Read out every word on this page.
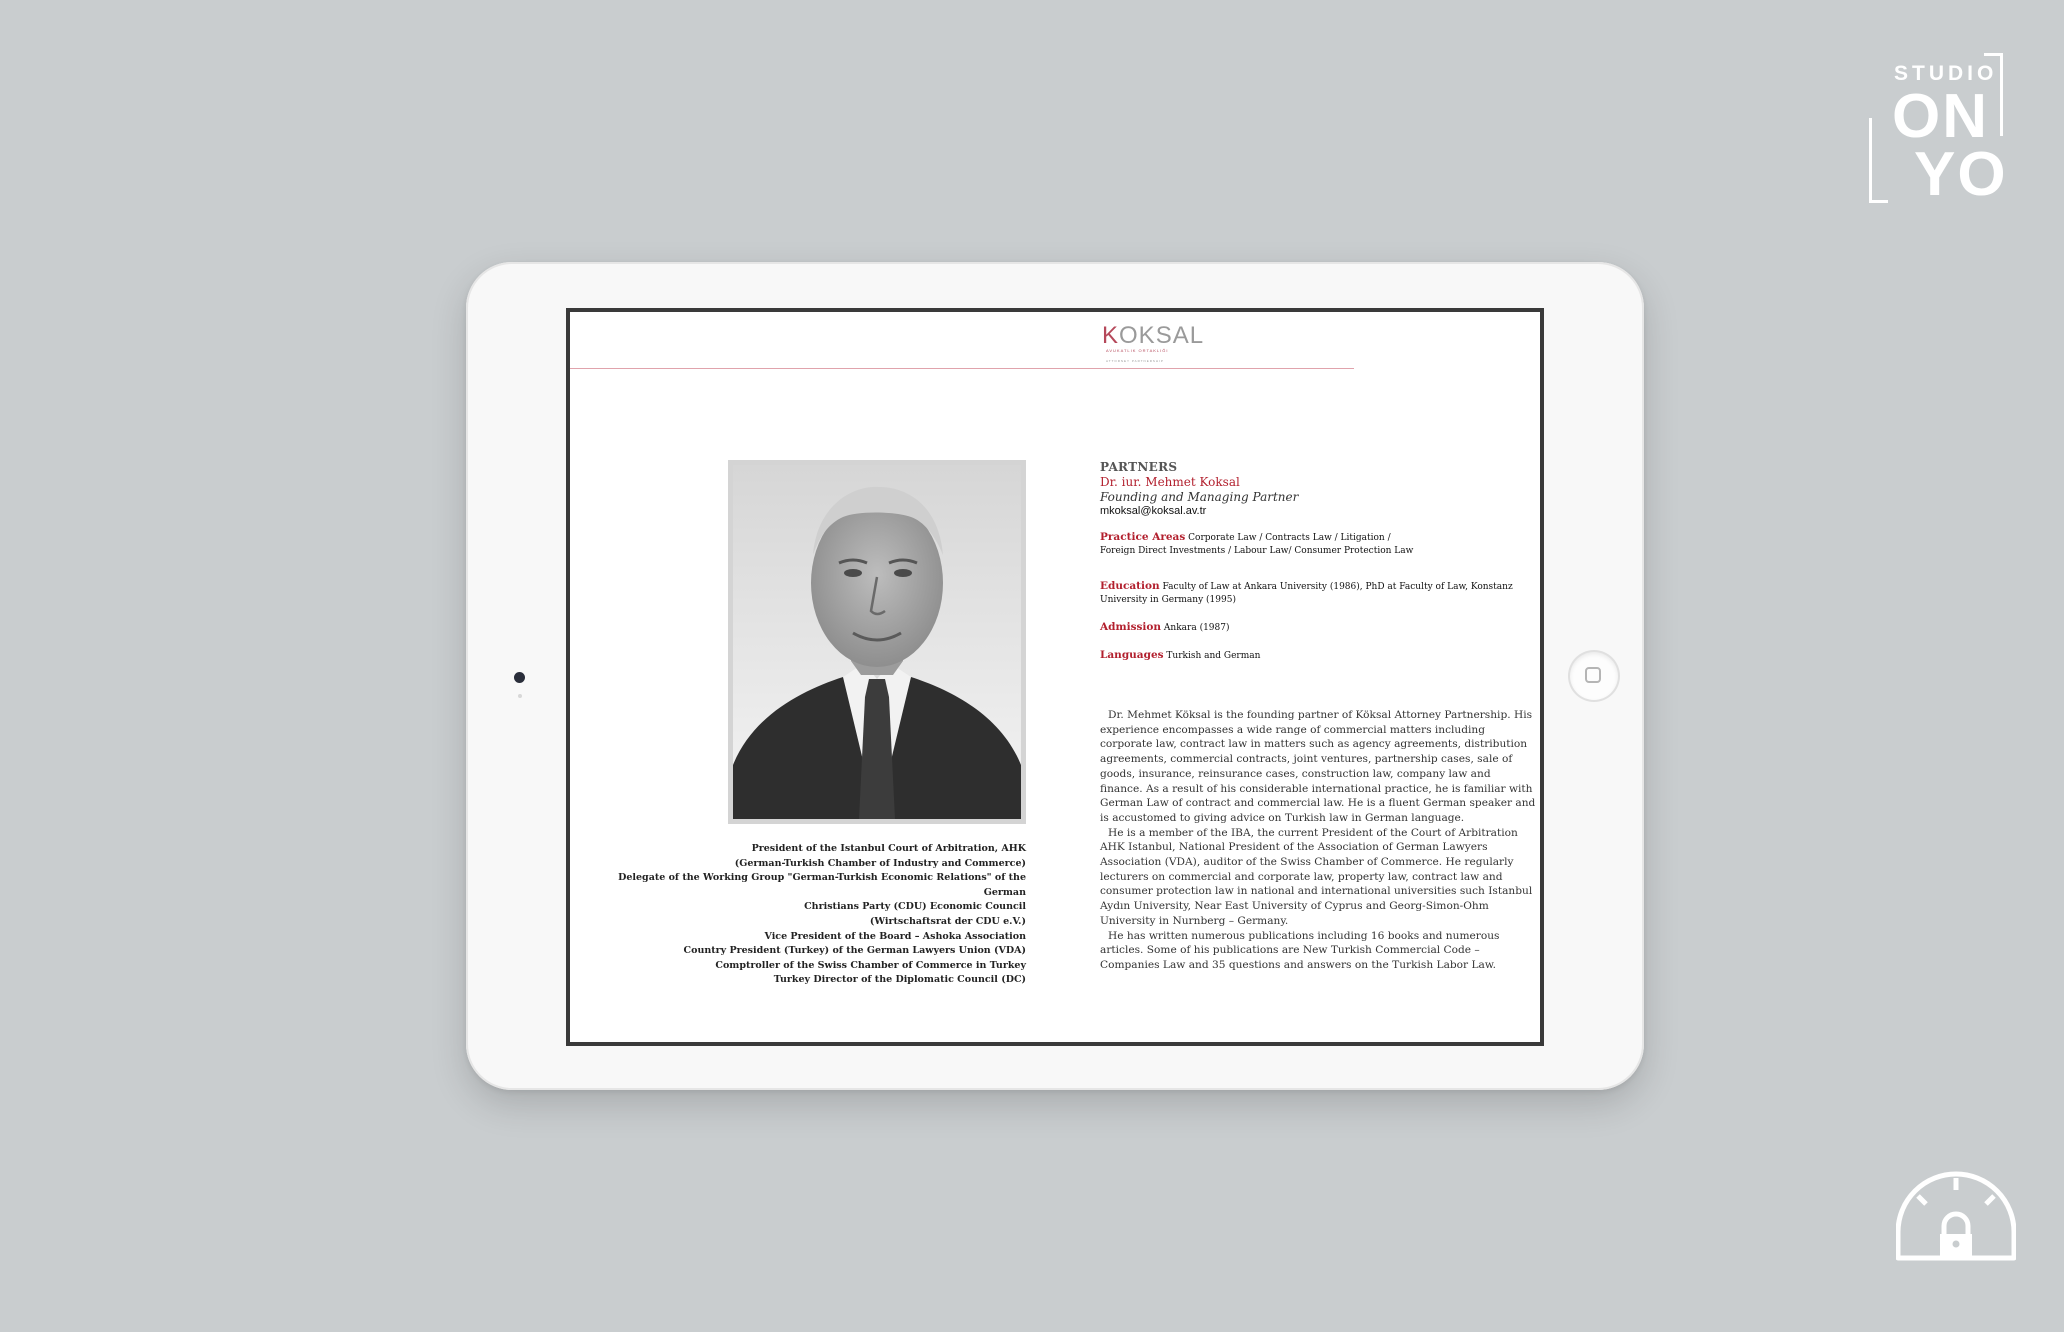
STUDIO
ON
YO
KOKSAL
AVUKATLIK ORTAKLIĞI
ATTORNEY PARTNERSHIP
President of the Istanbul Court of Arbitration, AHK
(German-Turkish Chamber of Industry and Commerce)
Delegate of the Working Group "German-Turkish Economic Relations" of the German
Christians Party (CDU) Economic Council
(Wirtschaftsrat der CDU e.V.)
Vice President of the Board – Ashoka Association
Country President (Turkey) of the German Lawyers Union (VDA)
Comptroller of the Swiss Chamber of Commerce in Turkey
Turkey Director of the Diplomatic Council (DC)
PARTNERS
Dr. iur. Mehmet Koksal
Founding and Managing Partner
mkoksal@koksal.av.tr
Practice Areas Corporate Law / Contracts Law / Litigation /
Foreign Direct Investments / Labour Law/ Consumer Protection Law
Education Faculty of Law at Ankara University (1986), PhD at Faculty of Law, Konstanz
University in Germany (1995)
Admission Ankara (1987)
Languages Turkish and German

Dr. Mehmet Köksal is the founding partner of Köksal Attorney Partnership. His experience encompasses a wide range of commercial matters including corporate law, contract law in matters such as agency agreements, distribution agreements, commercial contracts, joint ventures, partnership cases, sale of goods, insurance, reinsurance cases, construction law, company law and finance. As a result of his considerable international practice, he is familiar with German Law of contract and commercial law. He is a fluent German speaker and is accustomed to giving advice on Turkish law in German language.

He is a member of the IBA, the current President of the Court of Arbitration AHK Istanbul, National President of the Association of German Lawyers Association (VDA), auditor of the Swiss Chamber of Commerce. He regularly lecturers on commercial and corporate law, property law, contract law and consumer protection law in national and international universities such Istanbul Aydın University, Near East University of Cyprus and Georg-Simon-Ohm University in Nurnberg – Germany.

He has written numerous publications including 16 books and numerous articles. Some of his publications are New Turkish Commercial Code – Companies Law and 35 questions and answers on the Turkish Labor Law.
